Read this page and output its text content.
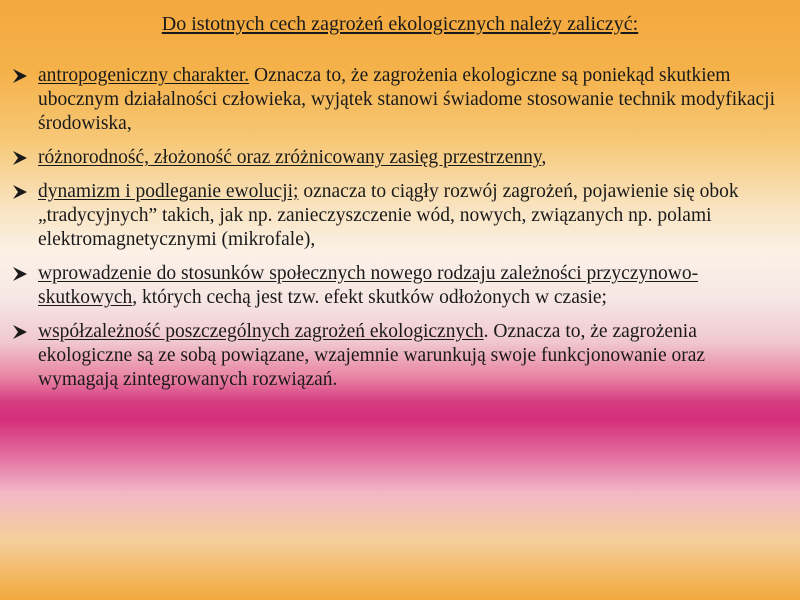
Do istotnych cech zagrożeń ekologicznych należy zaliczyć:
antropogeniczny charakter. Oznacza to, że zagrożenia ekologiczne są poniekąd skutkiem ubocznym działalności człowieka, wyjątek stanowi świadome stosowanie technik modyfikacji środowiska,
różnorodność, złożoność oraz zróżnicowany zasięg przestrzenny,
dynamizm i podleganie ewolucji; oznacza to ciągły rozwój zagrożeń, pojawienie się obok „tradycyjnych” takich, jak np. zanieczyszczenie wód, nowych, związanych np. polami elektromagnetycznymi (mikrofale),
wprowadzenie do stosunków społecznych nowego rodzaju zależności przyczynowo-skutkowych, których cechą jest tzw. efekt skutków odłożonych w czasie;
współzależność poszczególnych zagrożeń ekologicznych. Oznacza to, że zagrożenia ekologiczne są ze sobą powiązane, wzajemnie warunkują swoje funkcjonowanie oraz wymagają zintegrowanych rozwiązań.
